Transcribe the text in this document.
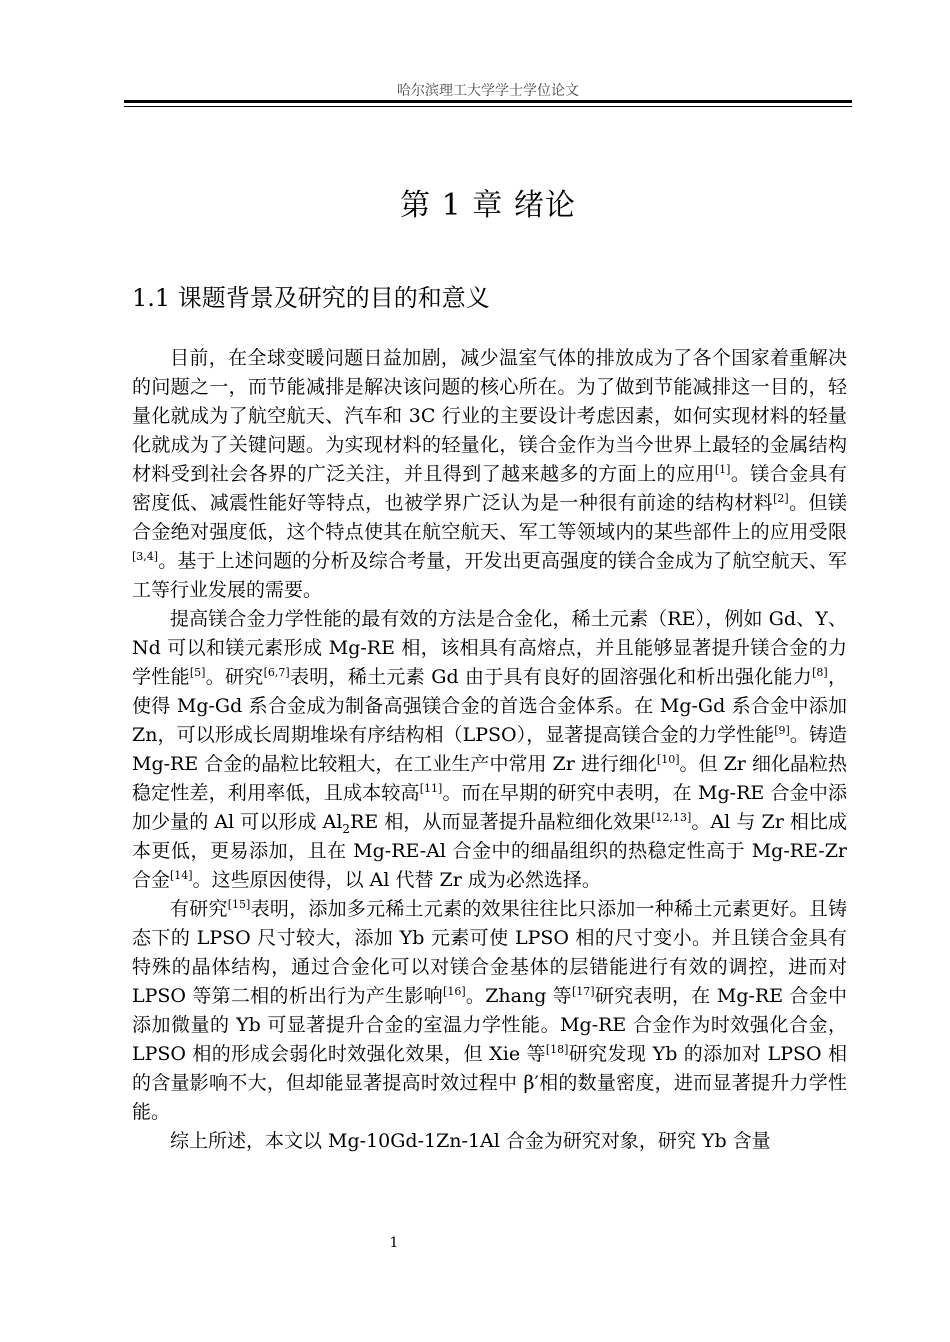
哈尔滨理工大学学士学位论文
第 1 章 绪论
1.1 课题背景及研究的目的和意义

目前，在全球变暖问题日益加剧，减少温室气体的排放成为了各个国家着重解决的问题之一，而节能减排是解决该问题的核心所在。为了做到节能减排这一目的，轻量化就成为了航空航天、汽车和 3C 行业的主要设计考虑因素，如何实现材料的轻量化就成为了关键问题。为实现材料的轻量化，镁合金作为当今世界上最轻的金属结构材料受到社会各界的广泛关注，并且得到了越来越多的方面上的应用[1]。镁合金具有密度低、减震性能好等特点，也被学界广泛认为是一种很有前途的结构材料[2]。但镁合金绝对强度低，这个特点使其在航空航天、军工等领域内的某些部件上的应用受限[3,4]。基于上述问题的分析及综合考量，开发出更高强度的镁合金成为了航空航天、军工等行业发展的需要。

提高镁合金力学性能的最有效的方法是合金化，稀土元素（RE），例如 Gd、Y、Nd 可以和镁元素形成 Mg-RE 相，该相具有高熔点，并且能够显著提升镁合金的力学性能[5]。研究[6,7]表明，稀土元素 Gd 由于具有良好的固溶强化和析出强化能力[8]，使得 Mg-Gd 系合金成为制备高强镁合金的首选合金体系。在 Mg-Gd 系合金中添加 Zn，可以形成长周期堆垛有序结构相（LPSO），显著提高镁合金的力学性能[9]。铸造 Mg-RE 合金的晶粒比较粗大，在工业生产中常用 Zr 进行细化[10]。但 Zr 细化晶粒热稳定性差，利用率低，且成本较高[11]。而在早期的研究中表明，在 Mg-RE 合金中添加少量的 Al 可以形成 $Al_2RE$ 相，从而显著提升晶粒细化效果[12,13]。Al 与 Zr 相比成本更低，更易添加，且在 Mg-RE-Al 合金中的细晶组织的热稳定性高于 Mg-RE-Zr 合金[14]。这些原因使得，以 Al 代替 Zr 成为必然选择。

有研究[15]表明，添加多元稀土元素的效果往往比只添加一种稀土元素更好。且铸态下的 LPSO 尺寸较大，添加 Yb 元素可使 LPSO 相的尺寸变小。并且镁合金具有特殊的晶体结构，通过合金化可以对镁合金基体的层错能进行有效的调控，进而对 LPSO 等第二相的析出行为产生影响[16]。Zhang 等[17]研究表明，在 Mg-RE 合金中添加微量的 Yb 可显著提升合金的室温力学性能。Mg-RE 合金作为时效强化合金，LPSO 相的形成会弱化时效强化效果，但 Xie 等[18]研究发现 Yb 的添加对 LPSO 相的含量影响不大，但却能显著提高时效过程中 β′相的数量密度，进而显著提升力学性能。

综上所述，本文以 Mg-10Gd-1Zn-1Al 合金为研究对象，研究 Yb 含量

1
